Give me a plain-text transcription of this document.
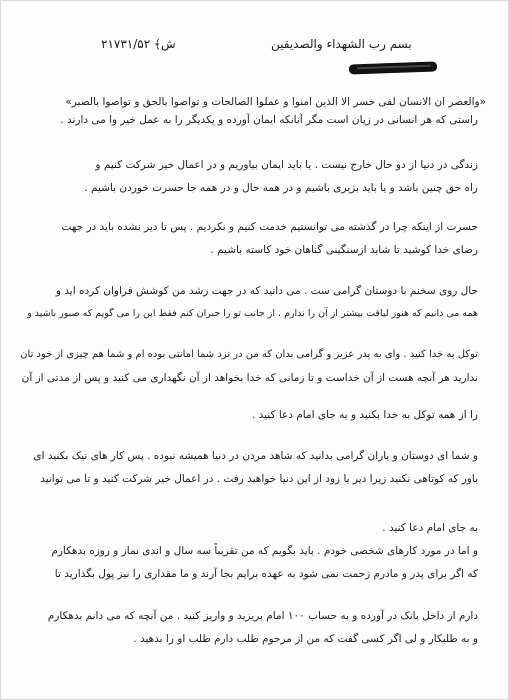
۲۱۷۳۱/۵۲ ﴾ش	بسم رب الشهداء والصدیقین
«والعصر ان الانسان لفی خسر الا الذین امنوا و عملوا الصالحات و تواصوا بالحق و تواصوا بالصبر»
راستی که هر انسانی در زیان است مگر آنانکه ایمان آورده و یکدیگر را به عمل خیر وا می دارند .
زندگی در دنیا از دو حال خارج نیست . یا باید ایمان بیاوریم و در اعمال خیر شرکت کنیم و
راه حق چنین باشد و یا باید بزیری باشیم و در همه حال و در همه جا حسرت خوردن باشیم .
حسرت از اینکه چرا در گذشته می توانستیم خدمت کنیم و نکردیم . پس تا دیر نشده باید در جهت
رضای خدا کوشید تا شاید ازسنگینی گناهان خود کاسته باشیم .
حال روی سخنم با دوستان گرامی ست . می دانید که در جهت رشد من کوشش فراوان کرده اید و
همه می دانیم که هنوز لیاقت بیشتر از آن را ندارم . از جانب تو را جبران کنم فقط این را می گویم که صبور باشید و
توکل به خدا کنید . وای به پدر عزیز و گرامی بدان که من در نزد شما امانتی بوده ام و شما هم چیزی از خود تان
ندارید هر آنچه هست از آن خداست و تا زمانی که خدا بخواهد از آن نگهداری می کنید و پس از مدتی از آن
را از همه توکل به خدا بکنید و به جای امام دعا کنید .
و شما ای دوستان و یاران گرامی بدانید که شاهد مردن در دنیا همیشه نبوده . پس کار های نیک بکنید ای
باور که کوتاهی نکنید زیرا دیر یا زود از این دنیا خواهید رفت . در اعمال خیر شرکت کنید و تا می توانید
به جای امام دعا کنید .
و اما در مورد کارهای شخصی خودم . باید بگویم که من تقریباً سه سال و اندی نماز و روزه بدهکارم
که اگر برای پدر و مادرم زحمت نمی شود به عهده برایم بجا آرند و ما مقداری را نیز پول بگذارید تا
دارم از داخل بانک در آورده و به حساب ۱۰۰ امام بریزید و واریز کنید . من آنچه که می دانم بدهکارم
و به طلبکار و لی اگر کسی گفت که من از مرحوم طلب دارم طلب او را بدهید .
